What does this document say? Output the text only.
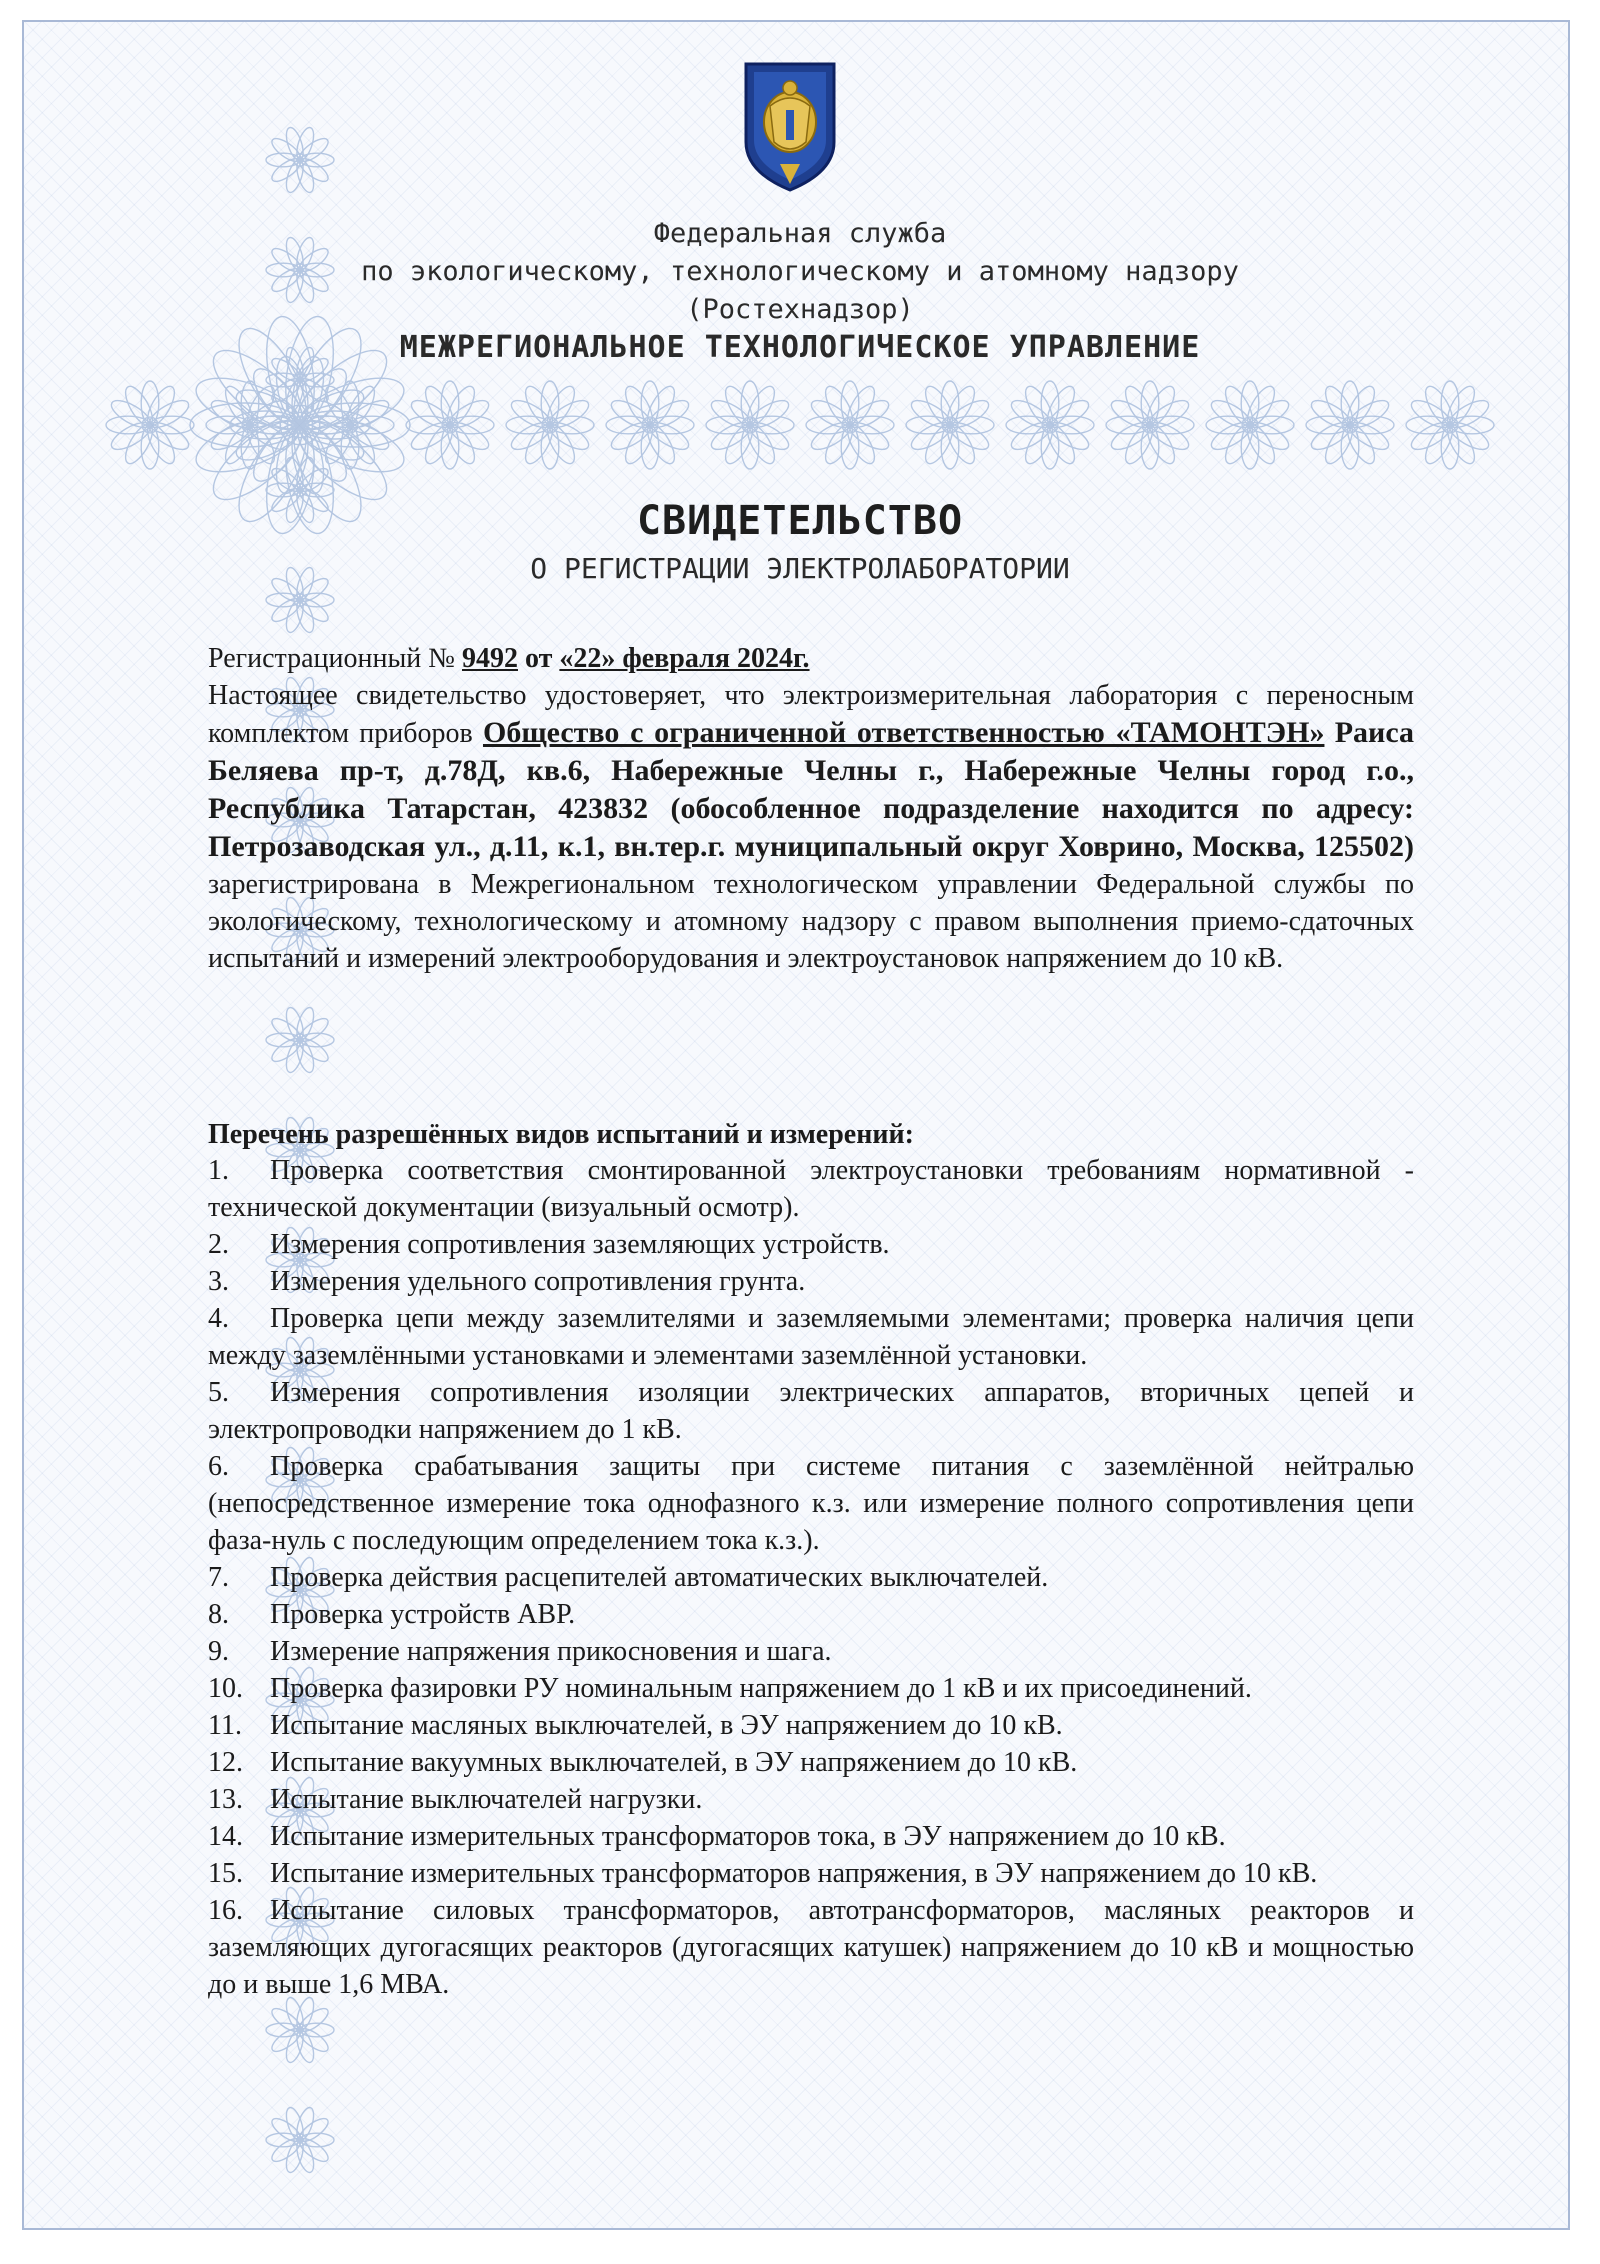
Федеральная служба
по экологическому, технологическому и атомному надзору
(Ростехнадзор)
МЕЖРЕГИОНАЛЬНОЕ ТЕХНОЛОГИЧЕСКОЕ УПРАВЛЕНИЕ
СВИДЕТЕЛЬСТВО
О РЕГИСТРАЦИИ ЭЛЕКТРОЛАБОРАТОРИИ
Регистрационный № 9492 от «22» февраля 2024г.
Настоящее свидетельство удостоверяет, что электроизмерительная лаборатория с переносным комплектом приборов Общество с ограниченной ответственностью «ТАМОНТЭН» Раиса Беляева пр-т, д.78Д, кв.6, Набережные Челны г., Набережные Челны город г.о., Республика Татарстан, 423832 (обособленное подразделение находится по адресу: Петрозаводская ул., д.11, к.1, вн.тер.г. муниципальный округ Ховрино, Москва, 125502) зарегистрирована в Межрегиональном технологическом управлении Федеральной службы по экологическому, технологическому и атомному надзору с правом выполнения приемо-сдаточных испытаний и измерений электрооборудования и электроустановок напряжением до 10 кВ.
Перечень разрешённых видов испытаний и измерений:
1. Проверка соответствия смонтированной электроустановки требованиям нормативной - технической документации (визуальный осмотр).
2. Измерения сопротивления заземляющих устройств.
3. Измерения удельного сопротивления грунта.
4. Проверка цепи между заземлителями и заземляемыми элементами; проверка наличия цепи между заземлёнными установками и элементами заземлённой установки.
5. Измерения сопротивления изоляции электрических аппаратов, вторичных цепей и электропроводки напряжением до 1 кВ.
6. Проверка срабатывания защиты при системе питания с заземлённой нейтралью (непосредственное измерение тока однофазного к.з. или измерение полного сопротивления цепи фаза-нуль с последующим определением тока к.з.).
7. Проверка действия расцепителей автоматических выключателей.
8. Проверка устройств АВР.
9. Измерение напряжения прикосновения и шага.
10. Проверка фазировки РУ номинальным напряжением до 1 кВ и их присоединений.
11. Испытание масляных выключателей, в ЭУ напряжением до 10 кВ.
12. Испытание вакуумных выключателей, в ЭУ напряжением до 10 кВ.
13. Испытание выключателей нагрузки.
14. Испытание измерительных трансформаторов тока, в ЭУ напряжением до 10 кВ.
15. Испытание измерительных трансформаторов напряжения, в ЭУ напряжением до 10 кВ.
16. Испытание силовых трансформаторов, автотрансформаторов, масляных реакторов и заземляющих дугогасящих реакторов (дугогасящих катушек) напряжением до 10 кВ и мощностью до и выше 1,6 МВА.
